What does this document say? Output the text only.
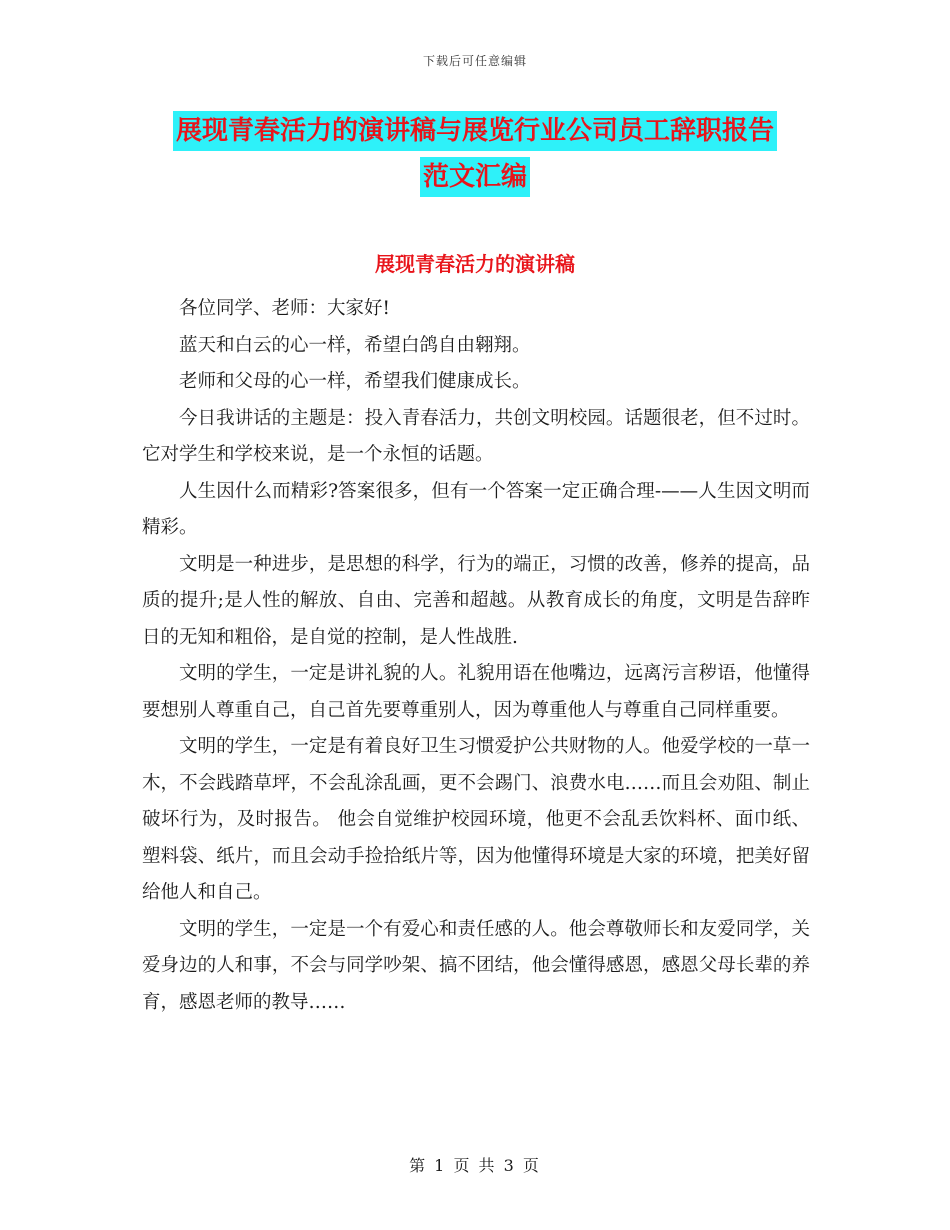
下载后可任意编辑
展现青春活力的演讲稿与展览行业公司员工辞职报告
范文汇编
展现青春活力的演讲稿

各位同学、老师：大家好!

蓝天和白云的心一样，希望白鸽自由翱翔。

老师和父母的心一样，希望我们健康成长。

今日我讲话的主题是：投入青春活力，共创文明校园。话题很老，但不过时。它对学生和学校来说，是一个永恒的话题。

人生因什么而精彩?答案很多，但有一个答案一定正确合理-——人生因文明而精彩。

文明是一种进步，是思想的科学，行为的端正，习惯的改善，修养的提高，品质的提升;是人性的解放、自由、完善和超越。从教育成长的角度，文明是告辞昨日的无知和粗俗，是自觉的控制，是人性战胜.

文明的学生，一定是讲礼貌的人。礼貌用语在他嘴边，远离污言秽语，他懂得要想别人尊重自己，自己首先要尊重别人，因为尊重他人与尊重自己同样重要。

文明的学生，一定是有着良好卫生习惯爱护公共财物的人。他爱学校的一草一木，不会践踏草坪，不会乱涂乱画，更不会踢门、浪费水电……而且会劝阻、制止破坏行为，及时报告。 他会自觉维护校园环境，他更不会乱丢饮料杯、面巾纸、塑料袋、纸片，而且会动手捡拾纸片等，因为他懂得环境是大家的环境，把美好留给他人和自己。

文明的学生，一定是一个有爱心和责任感的人。他会尊敬师长和友爱同学，关爱身边的人和事，不会与同学吵架、搞不团结，他会懂得感恩，感恩父母长辈的养育，感恩老师的教导……

第 1 页 共 3 页
